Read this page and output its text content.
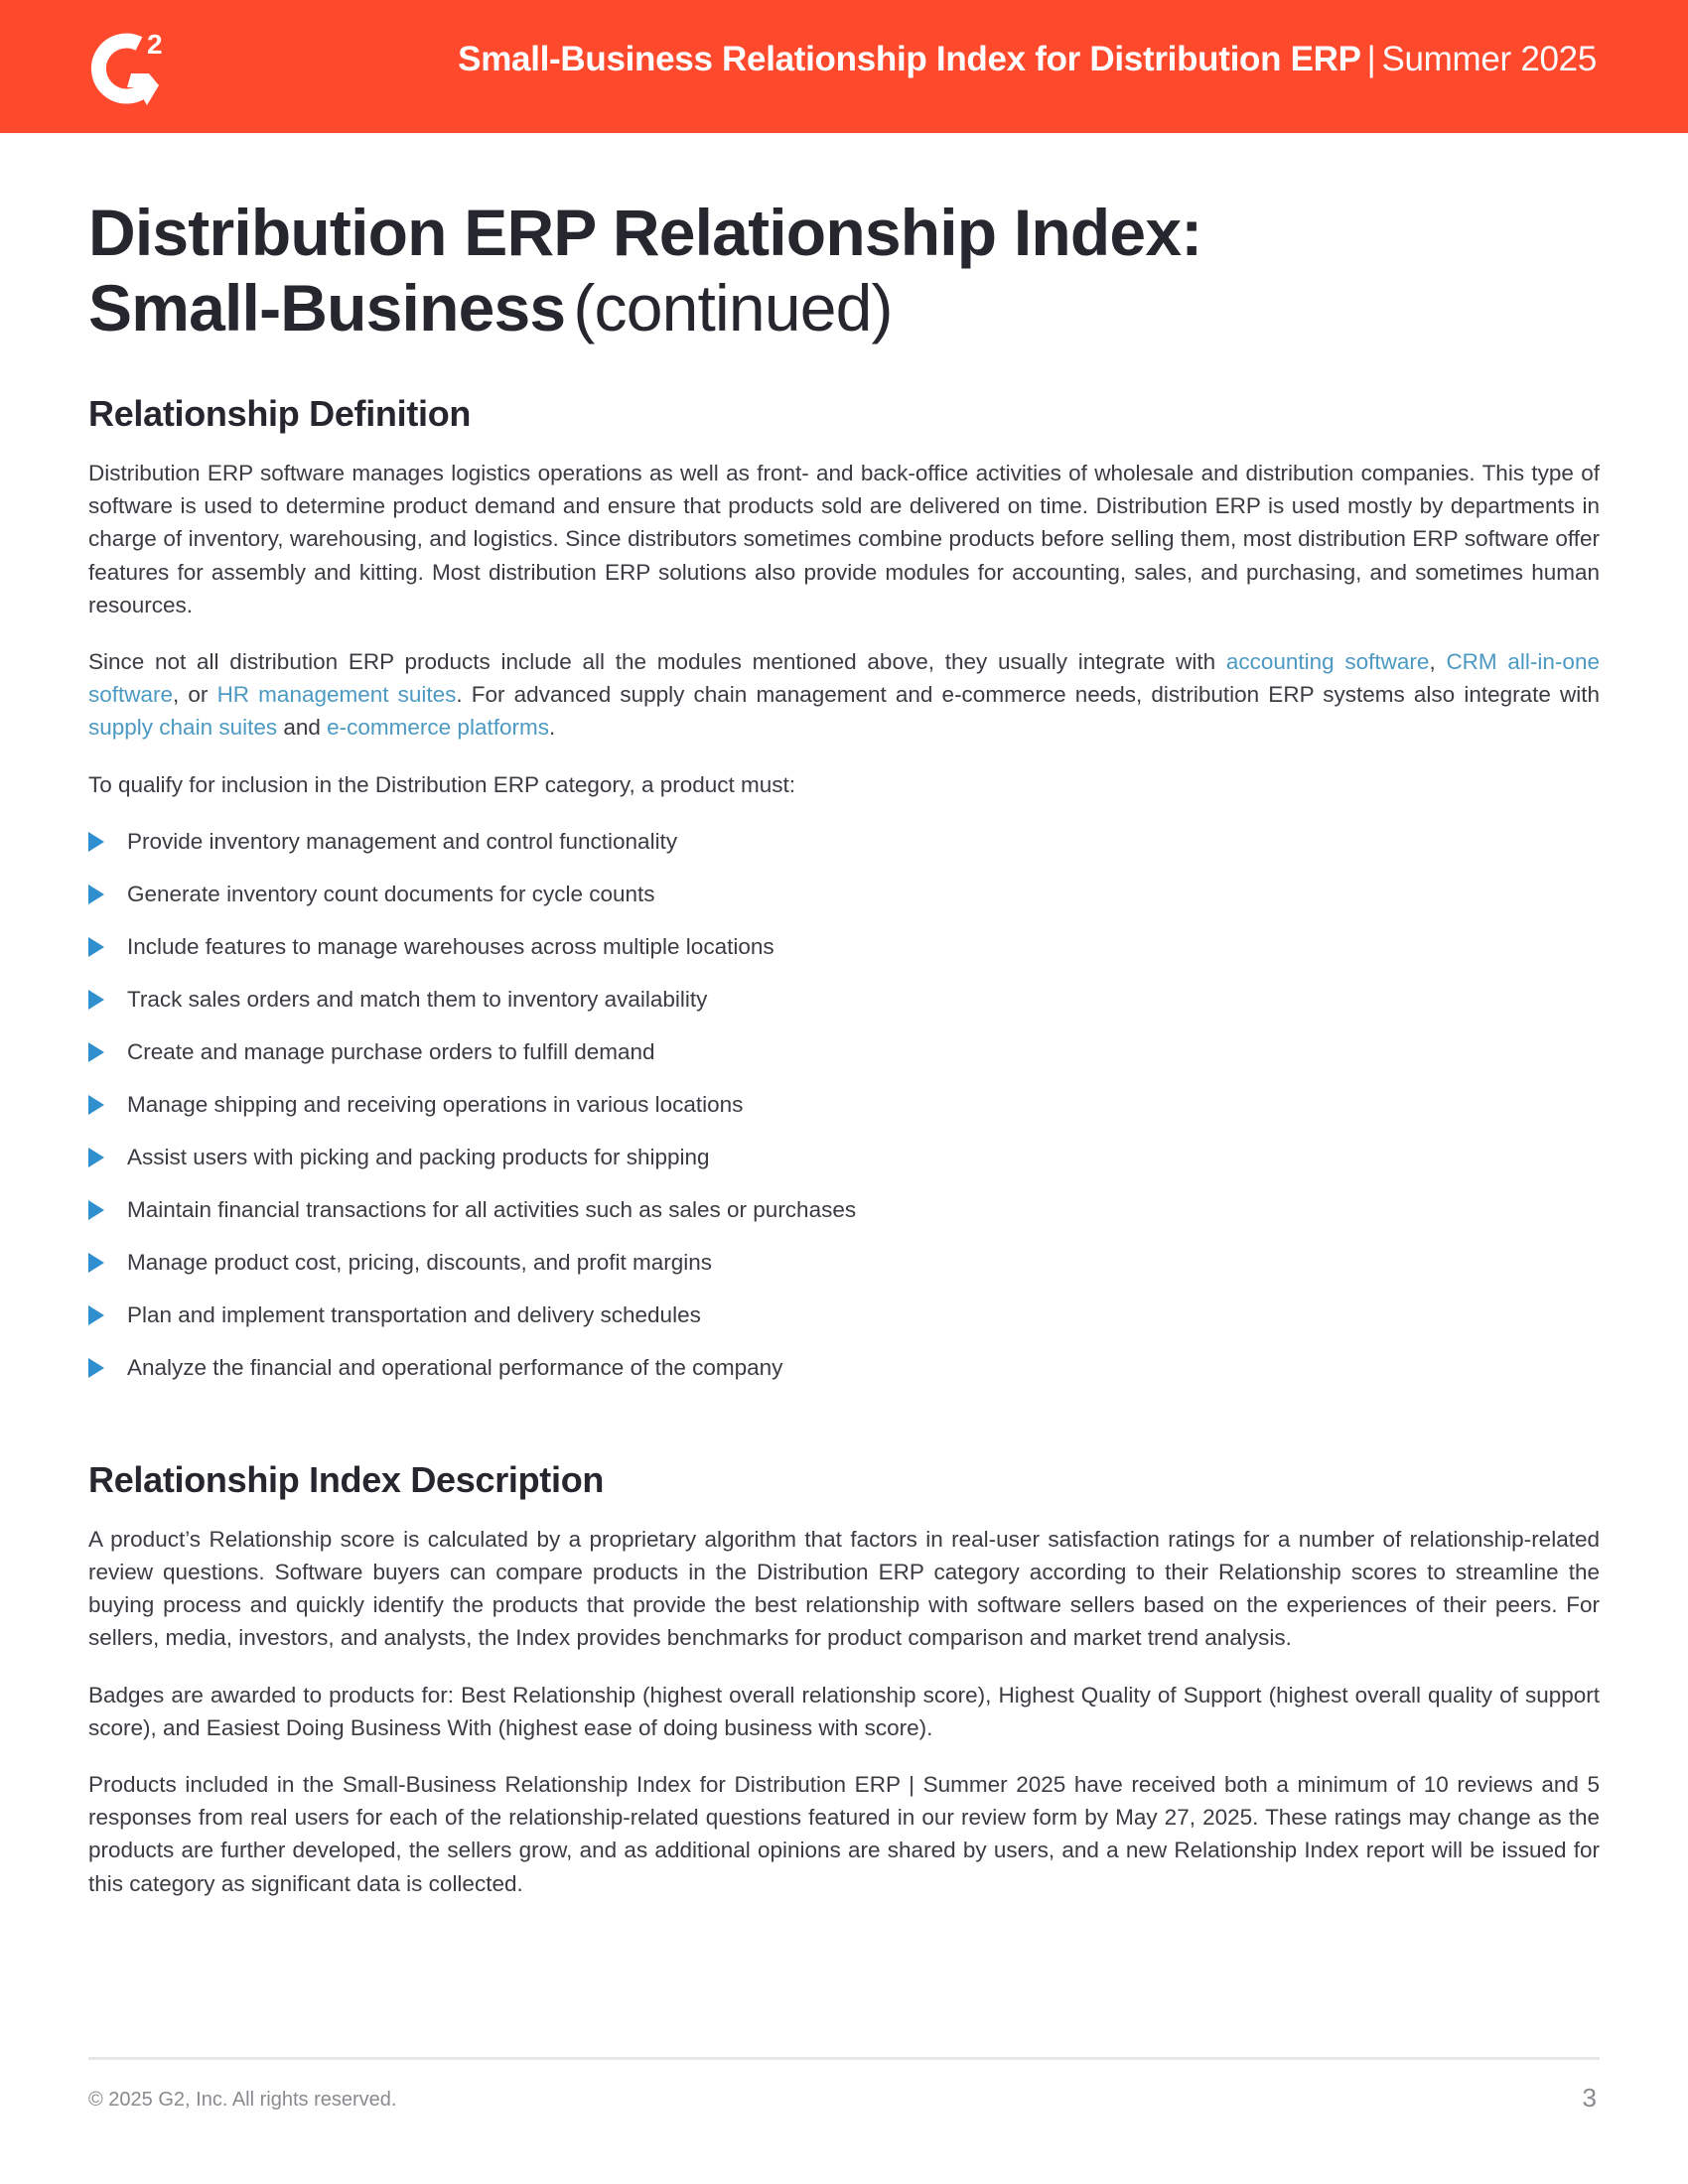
2	Small-Business Relationship Index for Distribution ERP | Summer 2025
Distribution ERP Relationship Index:
Small-Business (continued)
Relationship Definition

Distribution ERP software manages logistics operations as well as front- and back-office activities of wholesale and distribution companies. This type of software is used to determine product demand and ensure that products sold are delivered on time. Distribution ERP is used mostly by departments in charge of inventory, warehousing, and logistics. Since distributors sometimes combine products before selling them, most distribution ERP software offer features for assembly and kitting. Most distribution ERP solutions also provide modules for accounting, sales, and purchasing, and sometimes human resources.

Since not all distribution ERP products include all the modules mentioned above, they usually integrate with accounting software, CRM all-in-one software, or HR management suites. For advanced supply chain management and e-commerce needs, distribution ERP systems also integrate with supply chain suites and e-commerce platforms.

To qualify for inclusion in the Distribution ERP category, a product must:

Provide inventory management and control functionality
Generate inventory count documents for cycle counts
Include features to manage warehouses across multiple locations
Track sales orders and match them to inventory availability
Create and manage purchase orders to fulfill demand
Manage shipping and receiving operations in various locations
Assist users with picking and packing products for shipping
Maintain financial transactions for all activities such as sales or purchases
Manage product cost, pricing, discounts, and profit margins
Plan and implement transportation and delivery schedules
Analyze the financial and operational performance of the company
Relationship Index Description

A product’s Relationship score is calculated by a proprietary algorithm that factors in real-user satisfaction ratings for a number of relationship-related review questions. Software buyers can compare products in the Distribution ERP category according to their Relationship scores to streamline the buying process and quickly identify the products that provide the best relationship with software sellers based on the experiences of their peers. For sellers, media, investors, and analysts, the Index provides benchmarks for product comparison and market trend analysis.

Badges are awarded to products for: Best Relationship (highest overall relationship score), Highest Quality of Support (highest overall quality of support score), and Easiest Doing Business With (highest ease of doing business with score).

Products included in the Small-Business Relationship Index for Distribution ERP | Summer 2025 have received both a minimum of 10 reviews and 5 responses from real users for each of the relationship-related questions featured in our review form by May 27, 2025. These ratings may change as the products are further developed, the sellers grow, and as additional opinions are shared by users, and a new Relationship Index report will be issued for this category as significant data is collected.

© 2025 G2, Inc. All rights reserved.	3
